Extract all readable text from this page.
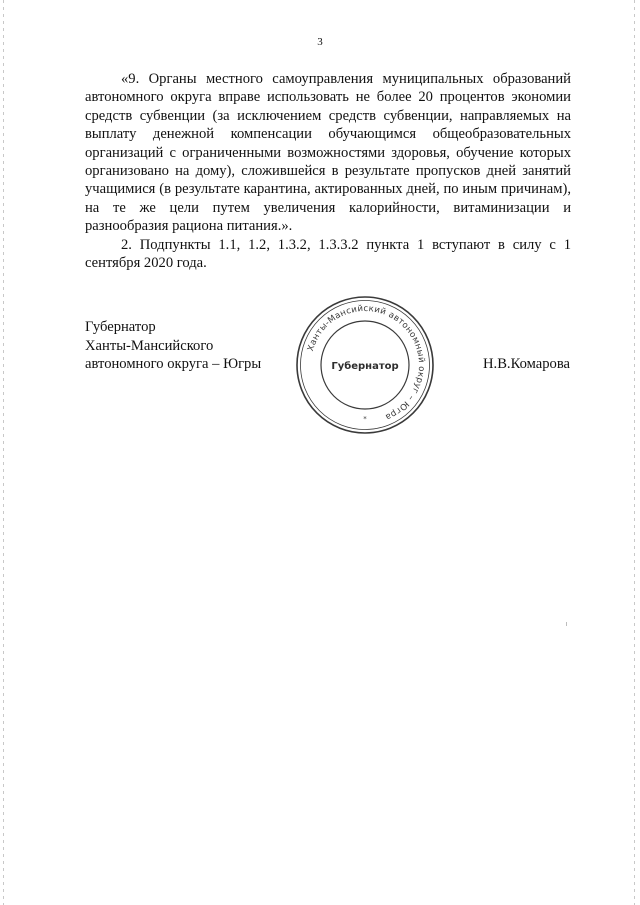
3

«9. Органы местного самоуправления муниципальных образований автономного округа вправе использовать не более 20 процентов экономии средств субвенции (за исключением средств субвенции, направляемых на выплату денежной компенсации обучающимся общеобразовательных организаций с ограниченными возможностями здоровья, обучение которых организовано на дому), сложившейся в результате пропусков дней занятий учащимися (в результате карантина, актированных дней, по иным причинам), на те же цели путем увеличения калорийности, витаминизации и разнообразия рациона питания.».

2. Подпункты 1.1, 1.2, 1.3.2, 1.3.3.2 пункта 1 вступают в силу с 1 сентября 2020 года.

Губернатор
Ханты-Мансийского
автономного округа – Югры
Ханты-Мансийский автономный округ – Югра
Губернатор
*
Н.В.Комарова
